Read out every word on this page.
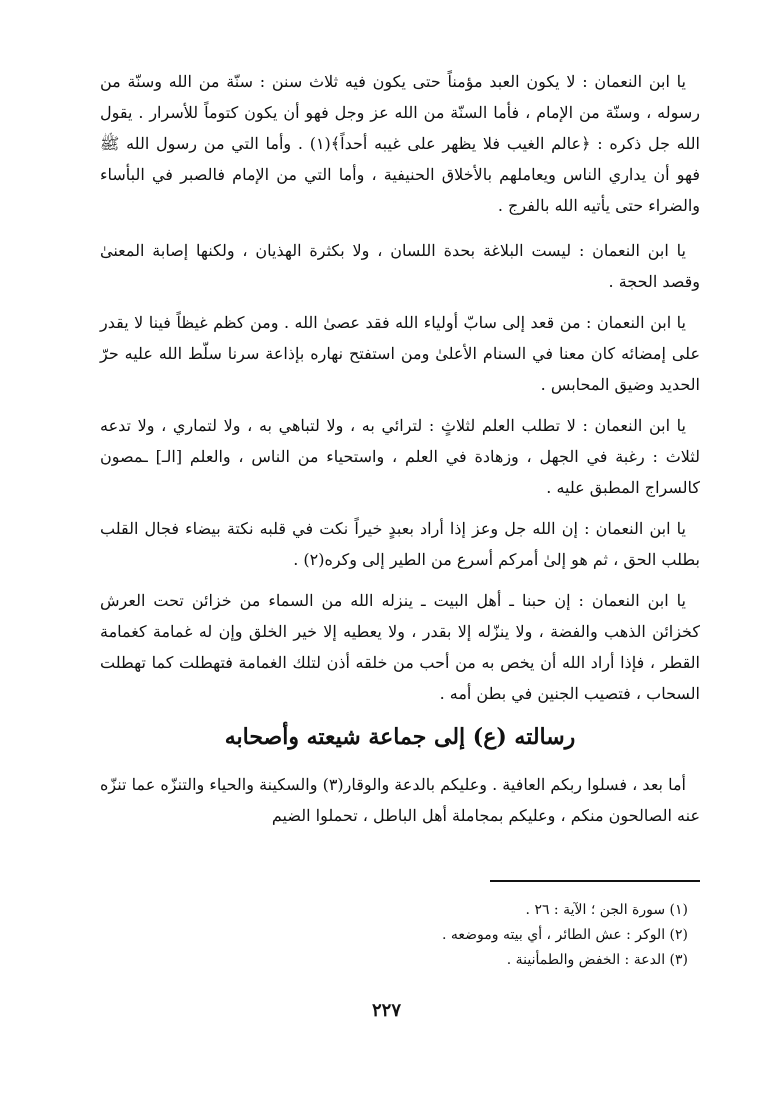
يا ابن النعمان : لا يكون العبد مؤمناً حتى يكون فيه ثلاث سنن : سنّة من الله وسنّة من رسوله ، وسنّة من الإمام ، فأما السنّة من الله عز وجل فهو أن يكون كتوماً للأسرار . يقول الله جل ذكره : ﴿عالم الغيب فلا يظهر على غيبه أحداً﴾(١) . وأما التي من رسول الله ﷺ فهو أن يداري الناس ويعاملهم بالأخلاق الحنيفية ، وأما التي من الإمام فالصبر في البأساء والضراء حتى يأتيه الله بالفرج .

يا ابن النعمان : ليست البلاغة بحدة اللسان ، ولا بكثرة الهذيان ، ولكنها إصابة المعنىٰ وقصد الحجة .

يا ابن النعمان : من قعد إلى سابّ أولياء الله فقد عصىٰ الله . ومن كظم غيظاً فينا لا يقدر على إمضائه كان معنا في السنام الأعلىٰ ومن استفتح نهاره بإذاعة سرنا سلّط الله عليه حرّ الحديد وضيق المحابس .

يا ابن النعمان : لا تطلب العلم لثلاثٍ : لترائي به ، ولا لتباهي به ، ولا لتماري ، ولا تدعه لثلاث : رغبة في الجهل ، وزهادة في العلم ، واستحياء من الناس ، والعلم [الـ] ـمصون كالسراج المطبق عليه .

يا ابن النعمان : إن الله جل وعز إذا أراد بعبدٍ خيراً نكت في قلبه نكتة بيضاء فجال القلب بطلب الحق ، ثم هو إلىٰ أمركم أسرع من الطير إلى وكره(٢) .

يا ابن النعمان : إن حبنا ـ أهل البيت ـ ينزله الله من السماء من خزائن تحت العرش كخزائن الذهب والفضة ، ولا ينزّله إلا بقدر ، ولا يعطيه إلا خير الخلق وإن له غمامة كغمامة القطر ، فإذا أراد الله أن يخص به من أحب من خلقه أذن لتلك الغمامة فتهطلت كما تهطلت السحاب ، فتصيب الجنين في بطن أمه .

رسالته (ع) إلى جماعة شيعته وأصحابه

أما بعد ، فسلوا ربكم العافية . وعليكم بالدعة والوقار(٣) والسكينة والحياء والتنزّه عما تنزّه عنه الصالحون منكم ، وعليكم بمجاملة أهل الباطل ، تحملوا الضيم

(١) سورة الجن ؛ الآية : ٢٦ .

(٢) الوكر : عش الطائر ، أي بيته وموضعه .

(٣) الدعة : الخفض والطمأنينة .

٢٢٧
